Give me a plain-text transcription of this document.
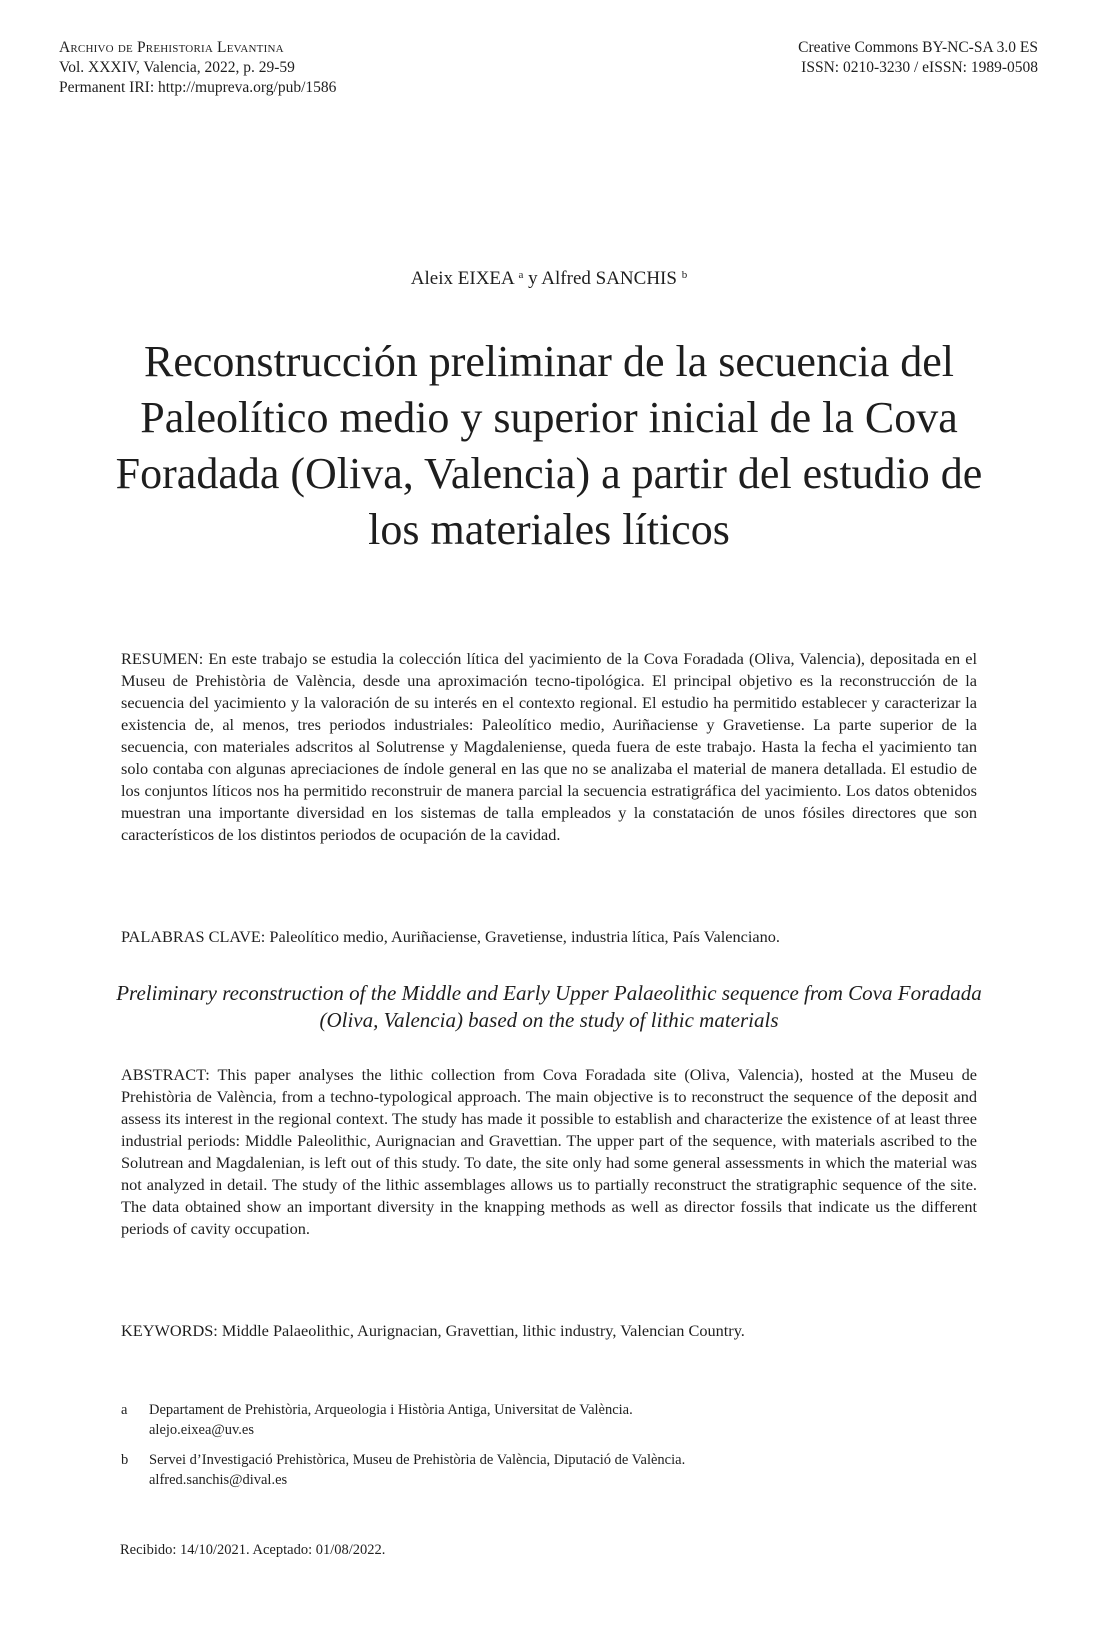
Archivo de Prehistoria Levantina
Vol. XXXIV, Valencia, 2022, p. 29-59
Permanent IRI: http://mupreva.org/pub/1586
Creative Commons BY-NC-SA 3.0 ES
ISSN: 0210-3230 / eISSN: 1989-0508
Aleix EIXEA $^a$ y Alfred SANCHIS $^b$
Reconstrucción preliminar de la secuencia del Paleolítico medio y superior inicial de la Cova Foradada (Oliva, Valencia) a partir del estudio de los materiales líticos

RESUMEN: En este trabajo se estudia la colección lítica del yacimiento de la Cova Foradada (Oliva, Valencia), depositada en el Museu de Prehistòria de València, desde una aproximación tecno-tipológica. El principal objetivo es la reconstrucción de la secuencia del yacimiento y la valoración de su interés en el contexto regional. El estudio ha permitido establecer y caracterizar la existencia de, al menos, tres periodos industriales: Paleolítico medio, Auriñaciense y Gravetiense. La parte superior de la secuencia, con materiales adscritos al Solutrense y Magdaleniense, queda fuera de este trabajo. Hasta la fecha el yacimiento tan solo contaba con algunas apreciaciones de índole general en las que no se analizaba el material de manera detallada. El estudio de los conjuntos líticos nos ha permitido reconstruir de manera parcial la secuencia estratigráfica del yacimiento. Los datos obtenidos muestran una importante diversidad en los sistemas de talla empleados y la constatación de unos fósiles directores que son característicos de los distintos periodos de ocupación de la cavidad.

PALABRAS CLAVE: Paleolítico medio, Auriñaciense, Gravetiense, industria lítica, País Valenciano.

Preliminary reconstruction of the Middle and Early Upper Palaeolithic sequence from Cova Foradada (Oliva, Valencia) based on the study of lithic materials

ABSTRACT: This paper analyses the lithic collection from Cova Foradada site (Oliva, Valencia), hosted at the Museu de Prehistòria de València, from a techno-typological approach. The main objective is to reconstruct the sequence of the deposit and assess its interest in the regional context. The study has made it possible to establish and characterize the existence of at least three industrial periods: Middle Paleolithic, Aurignacian and Gravettian. The upper part of the sequence, with materials ascribed to the Solutrean and Magdalenian, is left out of this study. To date, the site only had some general assessments in which the material was not analyzed in detail. The study of the lithic assemblages allows us to partially reconstruct the stratigraphic sequence of the site. The data obtained show an important diversity in the knapping methods as well as director fossils that indicate us the different periods of cavity occupation.

KEYWORDS: Middle Palaeolithic, Aurignacian, Gravettian, lithic industry, Valencian Country.

a Departament de Prehistòria, Arqueologia i Història Antiga, Universitat de València.
alejo.eixea@uv.es
b Servei d’Investigació Prehistòrica, Museu de Prehistòria de València, Diputació de València.
alfred.sanchis@dival.es
Recibido: 14/10/2021. Aceptado: 01/08/2022.
